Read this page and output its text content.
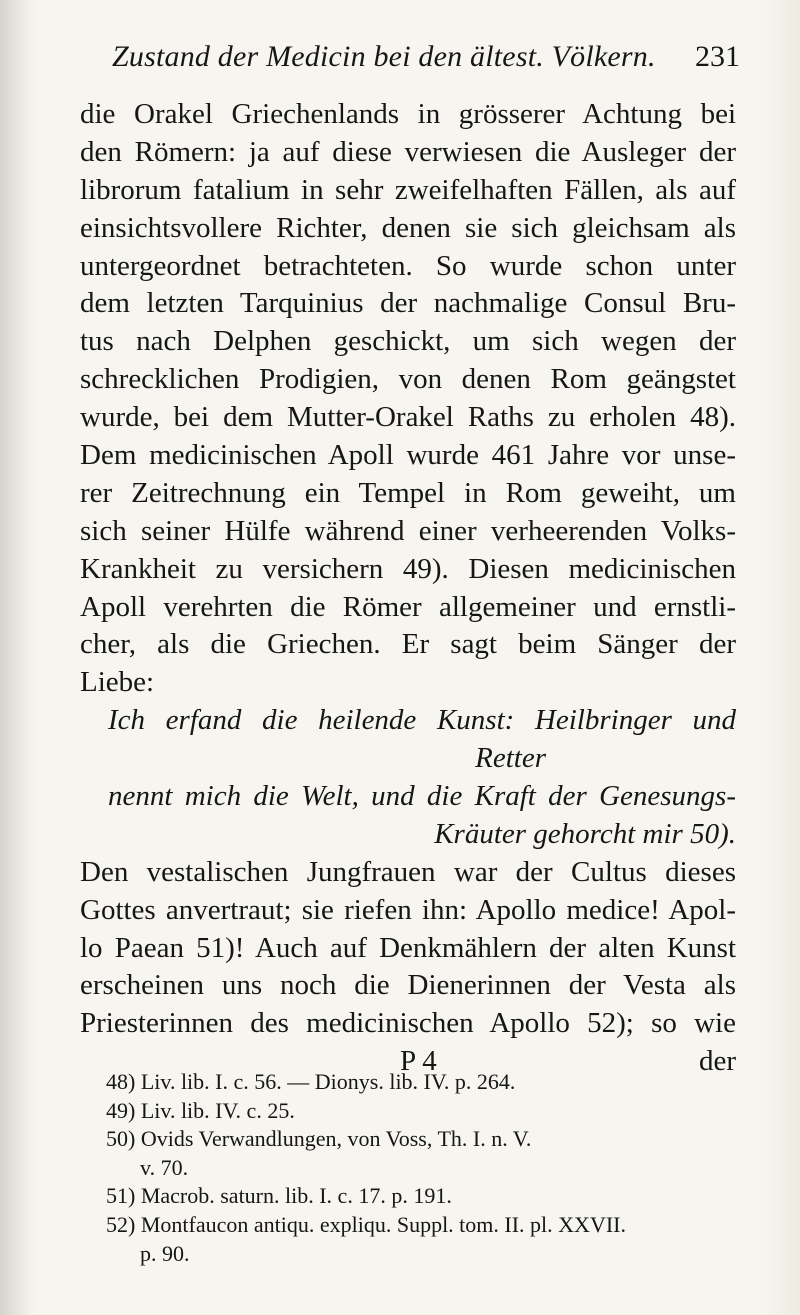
Zustand der Medicin bei den ältest. Völkern. 231
die Orakel Griechenlands in grösserer Achtung bei
den Römern: ja auf diese verwiesen die Ausleger der
librorum fatalium in sehr zweifelhaften Fällen, als auf
einsichtsvollere Richter, denen sie sich gleichsam als
untergeordnet betrachteten. So wurde schon unter
dem letzten Tarquinius der nachmalige Consul Bru-
tus nach Delphen geschickt, um sich wegen der
schrecklichen Prodigien, von denen Rom geängstet
wurde, bei dem Mutter-Orakel Raths zu erholen 48).
Dem medicinischen Apoll wurde 461 Jahre vor unse-
rer Zeitrechnung ein Tempel in Rom geweiht, um
sich seiner Hülfe während einer verheerenden Volks-
Krankheit zu versichern 49). Diesen medicinischen
Apoll verehrten die Römer allgemeiner und ernstli-
cher, als die Griechen. Er sagt beim Sänger der
Liebe:
Ich erfand die heilende Kunst: Heilbringer und
Retter
nennt mich die Welt, und die Kraft der Genesungs-
Kräuter gehorcht mir 50).
Den vestalischen Jungfrauen war der Cultus dieses
Gottes anvertraut; sie riefen ihn: Apollo medice! Apol-
lo Paean 51)! Auch auf Denkmählern der alten Kunst
erscheinen uns noch die Dienerinnen der Vesta als
Priesterinnen des medicinischen Apollo 52); so wie
P 4	der
48) Liv. lib. I. c. 56. — Dionys. lib. IV. p. 264.
49) Liv. lib. IV. c. 25.
50) Ovids Verwandlungen, von Voss, Th. I. n. V.
v. 70.
51) Macrob. saturn. lib. I. c. 17. p. 191.
52) Montfaucon antiqu. expliqu. Suppl. tom. II. pl. XXVII.
p. 90.
